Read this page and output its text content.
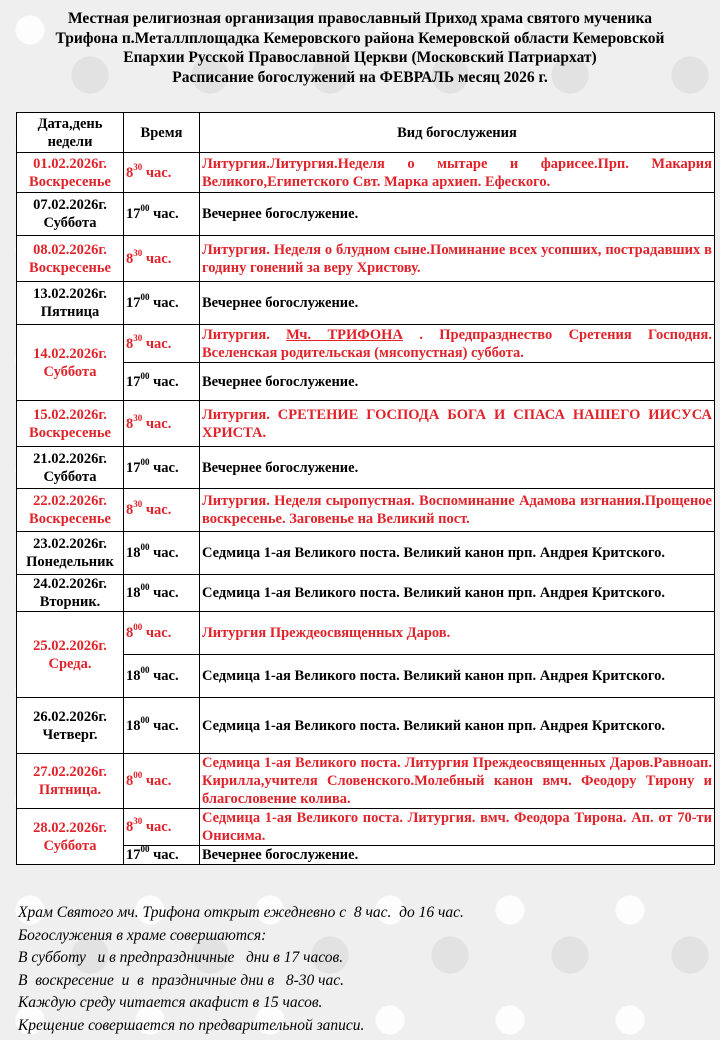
Местная религиозная организация православный Приход храма святого мученика
Трифона п.Металлплощадка Кемеровского района Кемеровской области Кемеровской
Епархии Русской Православной Церкви (Московский Патриархат)
Расписание богослужений на ФЕВРАЛЬ месяц 2026 г.
Дата,день недели	Время	Вид богослужения

01.02.2026г.
Воскресенье	$8^{30}$ час.	Литургия.Литургия.Неделя о мытаре и фарисее.Прп. Макария Великого,Египетского Свт. Марка архиеп. Ефеского.

07.02.2026г.
Суббота	$17^{00}$ час.	Вечернее богослужение.

08.02.2026г.
Воскресенье	$8^{30}$ час.	Литургия. Неделя о блудном сыне.Поминание всех усопших, пострадавших в годину гонений за веру Христову.

13.02.2026г.
Пятница	$17^{00}$ час.	Вечернее богослужение.

14.02.2026г.
Суббота	$8^{30}$ час.	Литургия. Мч. ТРИФОНА . Предпразднество Сретения Господня. Вселенская родительская (мясопустная) суббота.
	$17^{00}$ час.	Вечернее богослужение.

15.02.2026г.
Воскресенье	$8^{30}$ час.	Литургия. СРЕТЕНИЕ ГОСПОДА БОГА И СПАСА НАШЕГО ИИСУСА ХРИСТА.

21.02.2026г.
Суббота	$17^{00}$ час.	Вечернее богослужение.

22.02.2026г.
Воскресенье	$8^{30}$ час.	Литургия. Неделя сыропустная. Воспоминание Адамова изгнания.Прощеное воскресенье. Заговенье на Великий пост.

23.02.2026г.
Понедельник	$18^{00}$ час.	Седмица 1-ая Великого поста. Великий канон прп. Андрея Критского.

24.02.2026г.
Вторник.	$18^{00}$ час.	Седмица 1-ая Великого поста. Великий канон прп. Андрея Критского.

25.02.2026г.
Среда.	$8^{00}$ час.	Литургия Преждеосвященных Даров.
	$18^{00}$ час.	Седмица 1-ая Великого поста. Великий канон прп. Андрея Критского.

26.02.2026г.
Четверг.	$18^{00}$ час.	Седмица 1-ая Великого поста. Великий канон прп. Андрея Критского.

27.02.2026г.
Пятница.	$8^{00}$ час.	Седмица 1-ая Великого поста. Литургия Преждеосвященных Даров.Равноап. Кирилла,учителя Словенского.Молебный канон вмч. Феодору Тирону и благословение колива.

28.02.2026г.
Суббота	$8^{30}$ час.	Седмица 1-ая Великого поста. Литургия. вмч. Феодора Тирона. Ап. от 70-ти Онисима.
	$17^{00}$ час.	Вечернее богослужение.
Храм Святого мч. Трифона открыт ежедневно с  8 час.  до 16 час.
Богослужения в храме совершаются:
В субботу   и в предпраздничные   дни в 17 часов.
В  воскресение  и  в  праздничные дни в   8-30 час.
Каждую среду читается акафист в 15 часов.
Крещение совершается по предварительной записи.
